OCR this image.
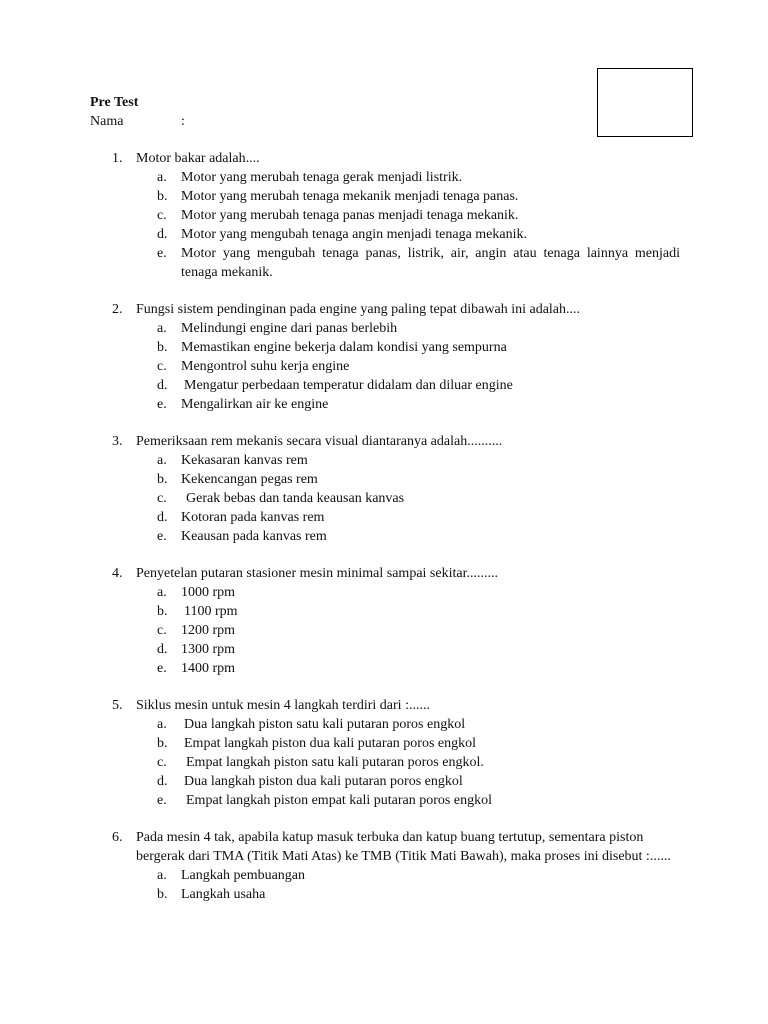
Pre Test
Nama	:
1. Motor bakar adalah....
a. Motor yang merubah tenaga gerak menjadi listrik.
b. Motor yang merubah tenaga mekanik menjadi tenaga panas.
c. Motor yang merubah tenaga panas menjadi tenaga mekanik.
d. Motor yang mengubah tenaga angin menjadi tenaga mekanik.
e. Motor yang mengubah tenaga panas, listrik, air, angin atau tenaga lainnya menjadi tenaga mekanik.
2. Fungsi sistem pendinginan pada engine yang paling tepat dibawah ini adalah....
a. Melindungi engine dari panas berlebih
b. Memastikan engine bekerja dalam kondisi yang sempurna
c. Mengontrol suhu kerja engine
d. Mengatur perbedaan temperatur didalam dan diluar engine
e. Mengalirkan air ke engine
3. Pemeriksaan rem mekanis secara visual diantaranya adalah..........
a. Kekasaran kanvas rem
b. Kekencangan pegas rem
c.	Gerak bebas dan tanda keausan kanvas
d. Kotoran pada kanvas rem
e. Keausan pada kanvas rem
4. Penyetelan putaran stasioner mesin minimal sampai sekitar.........
a. 1000 rpm
b. 1100 rpm
c. 1200 rpm
d. 1300 rpm
e. 1400 rpm
5. Siklus mesin untuk mesin 4 langkah terdiri dari :......
a. Dua langkah piston satu kali putaran poros engkol
b. Empat langkah piston dua kali putaran poros engkol
c.	Empat langkah piston satu kali putaran poros engkol.
d. Dua langkah piston dua kali putaran poros engkol
e.	Empat langkah piston empat kali putaran poros engkol
6. Pada mesin 4 tak, apabila katup masuk terbuka dan katup buang tertutup, sementara piston bergerak dari TMA (Titik Mati Atas) ke TMB (Titik Mati Bawah), maka proses ini disebut :......
a. Langkah pembuangan
b. Langkah usaha
